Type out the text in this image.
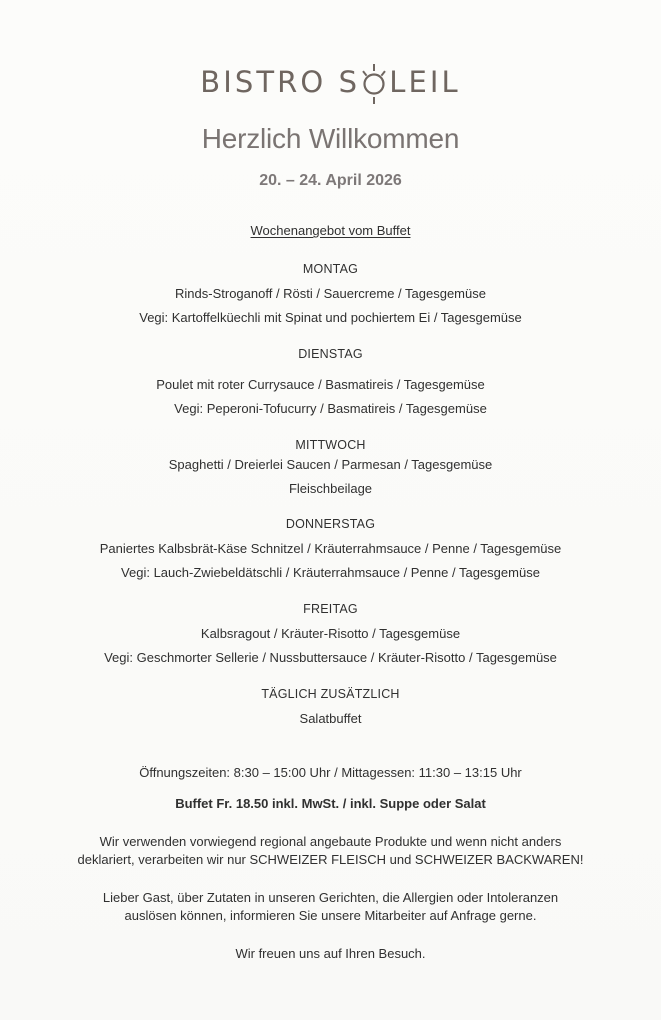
BISTRO S LEIL
Herzlich Willkommen
20. – 24. April 2026
Wochenangebot vom Buffet
MONTAG
Rinds-Stroganoff / Rösti / Sauercreme / Tagesgemüse
Vegi: Kartoffelküechli mit Spinat und pochiertem Ei / Tagesgemüse
DIENSTAG
Poulet mit roter Currysauce / Basmatireis / Tagesgemüse
Vegi: Peperoni-Tofucurry / Basmatireis / Tagesgemüse
MITTWOCH
Spaghetti / Dreierlei Saucen / Parmesan / Tagesgemüse
Fleischbeilage
DONNERSTAG
Paniertes Kalbsbrät-Käse Schnitzel / Kräuterrahmsauce / Penne / Tagesgemüse
Vegi: Lauch-Zwiebeldätschli / Kräuterrahmsauce / Penne / Tagesgemüse
FREITAG
Kalbsragout / Kräuter-Risotto / Tagesgemüse
Vegi: Geschmorter Sellerie / Nussbuttersauce / Kräuter-Risotto / Tagesgemüse
TÄGLICH ZUSÄTZLICH
Salatbuffet
Öffnungszeiten: 8:30 – 15:00 Uhr / Mittagessen: 11:30 – 13:15 Uhr
Buffet Fr. 18.50 inkl. MwSt. / inkl. Suppe oder Salat
Wir verwenden vorwiegend regional angebaute Produkte und wenn nicht anders
deklariert, verarbeiten wir nur SCHWEIZER FLEISCH und SCHWEIZER BACKWAREN!
Lieber Gast, über Zutaten in unseren Gerichten, die Allergien oder Intoleranzen
auslösen können, informieren Sie unsere Mitarbeiter auf Anfrage gerne.
Wir freuen uns auf Ihren Besuch.
